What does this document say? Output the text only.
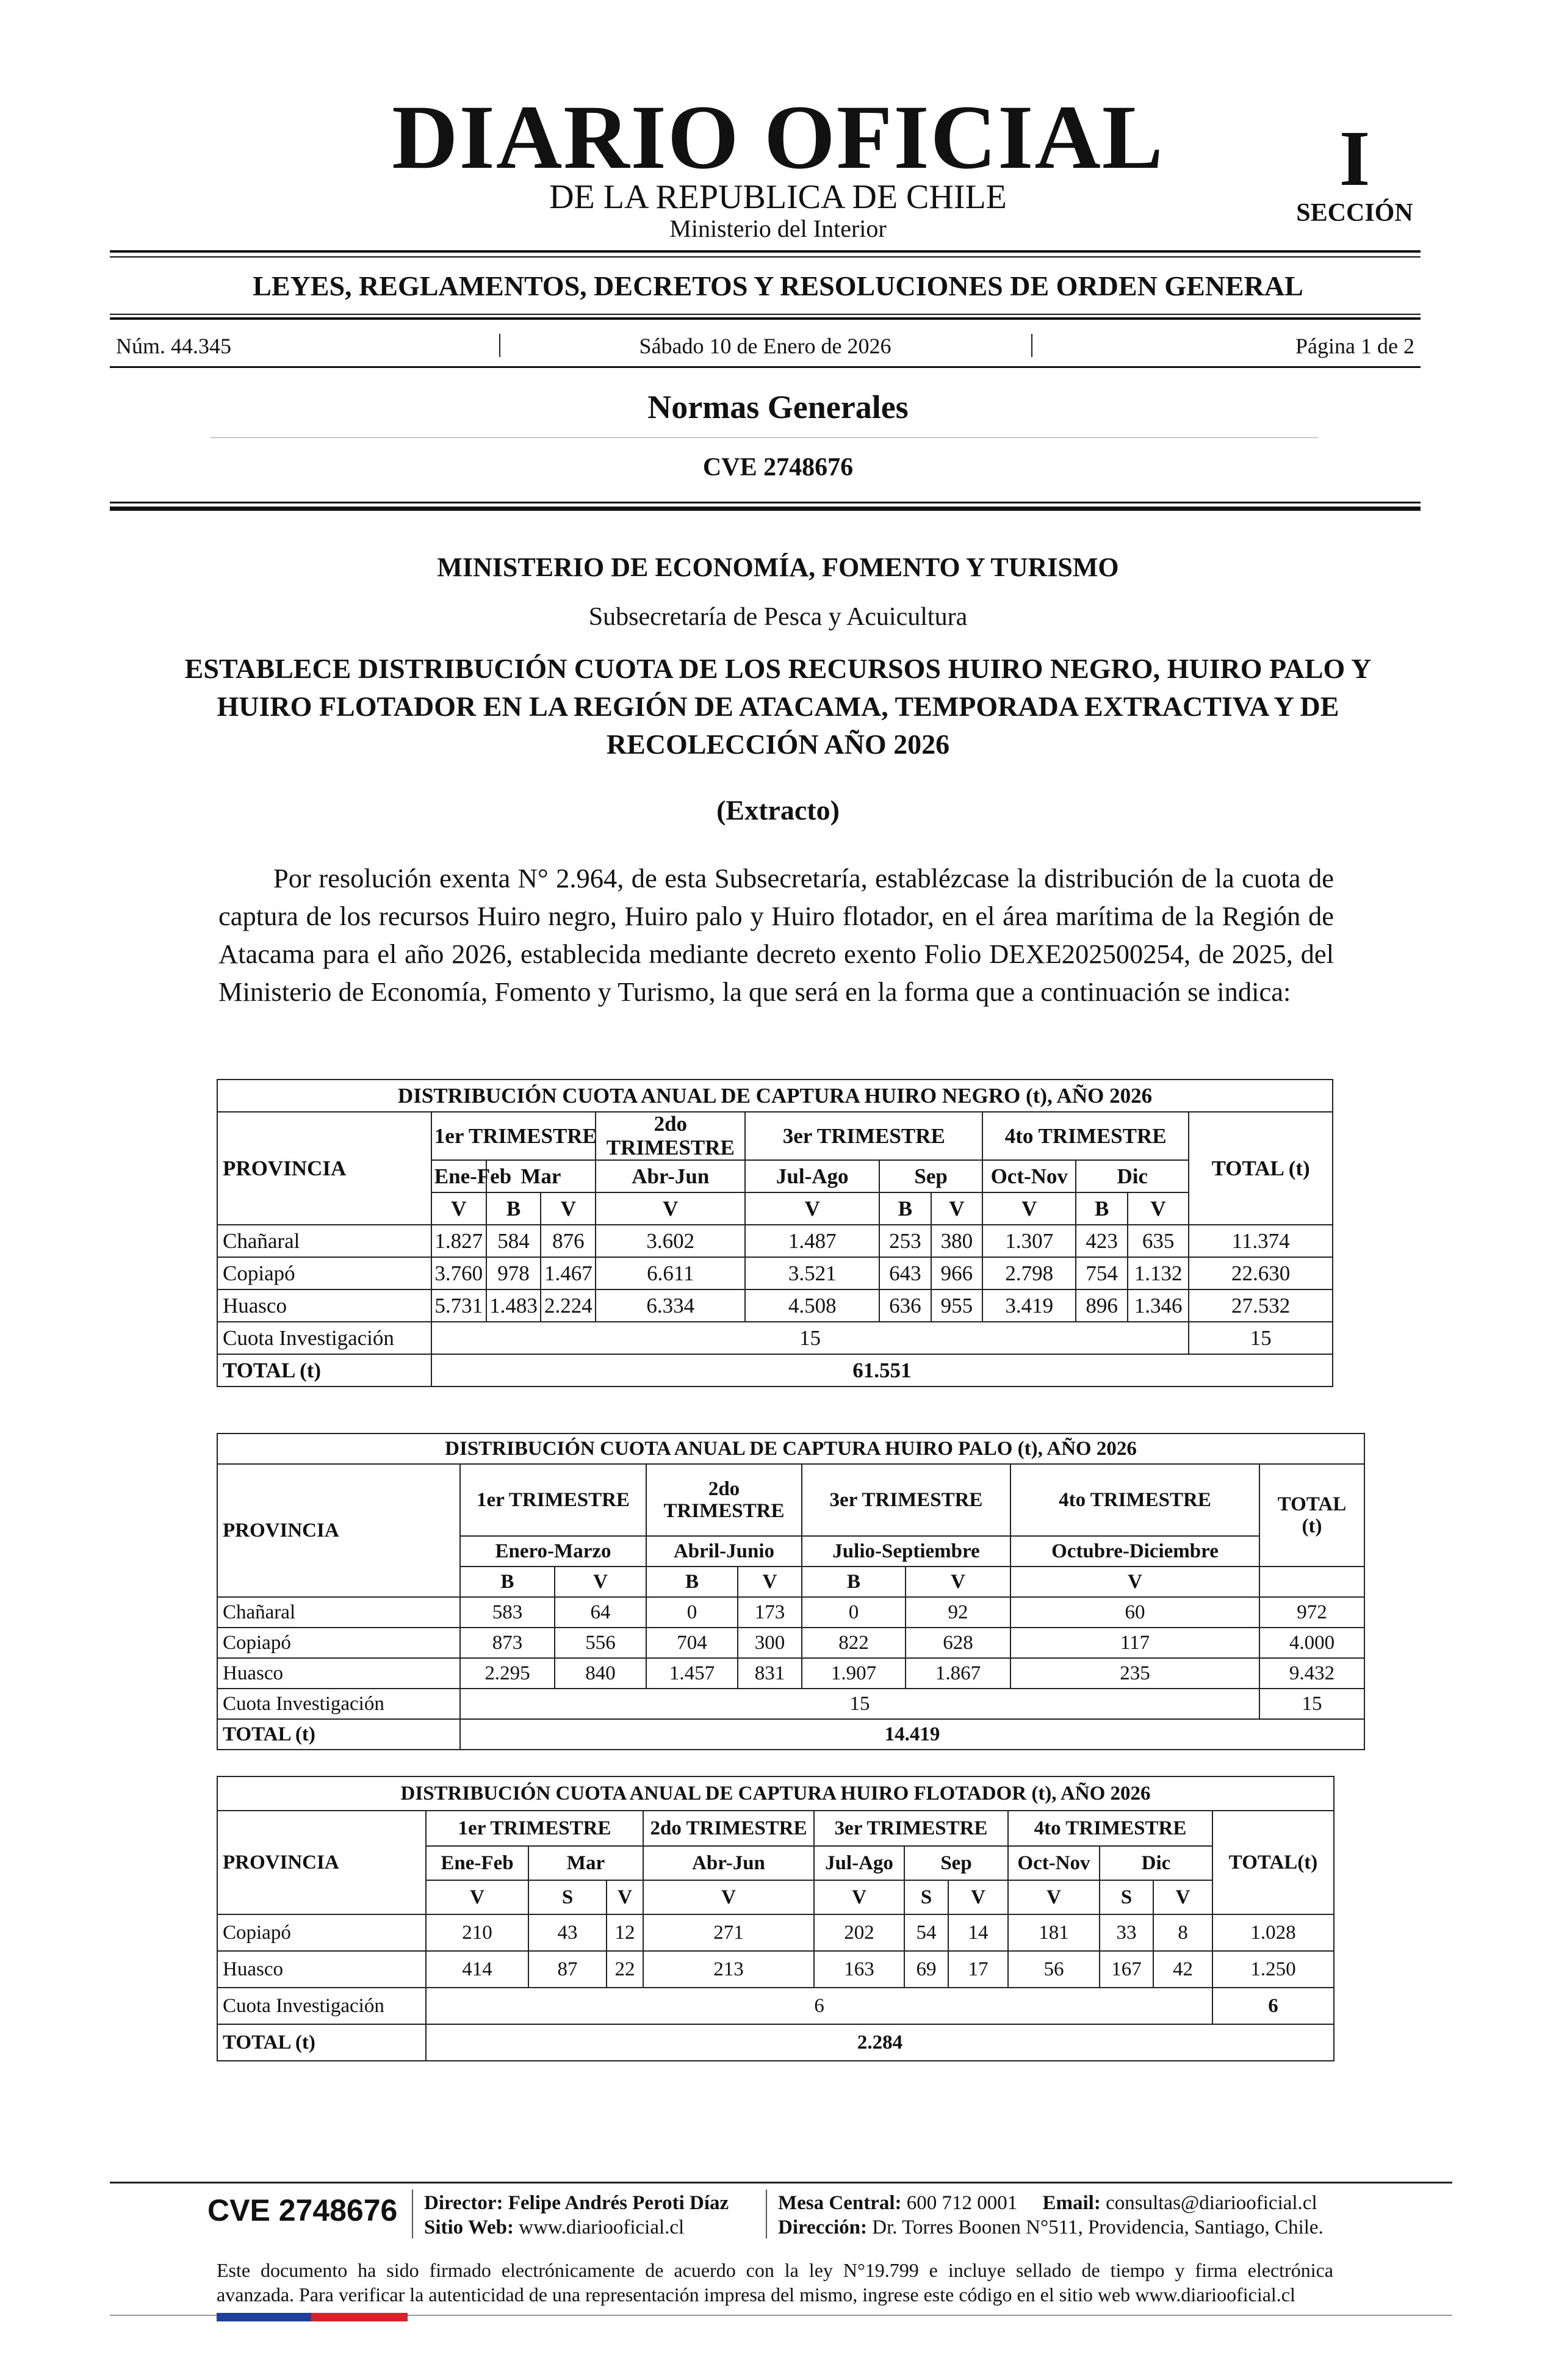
DIARIO OFICIAL
DE LA REPUBLICA DE CHILE
Ministerio del Interior
I
SECCIÓN
LEYES, REGLAMENTOS, DECRETOS Y RESOLUCIONES DE ORDEN GENERAL
Núm. 44.345	Sábado 10 de Enero de 2026	Página 1 de 2
Normas Generales
CVE 2748676
MINISTERIO DE ECONOMÍA, FOMENTO Y TURISMO
Subsecretaría de Pesca y Acuicultura
ESTABLECE DISTRIBUCIÓN CUOTA DE LOS RECURSOS HUIRO NEGRO, HUIRO PALO Y HUIRO FLOTADOR EN LA REGIÓN DE ATACAMA, TEMPORADA EXTRACTIVA Y DE RECOLECCIÓN AÑO 2026
(Extracto)
Por resolución exenta N° 2.964, de esta Subsecretaría, establézcase la distribución de la cuota de captura de los recursos Huiro negro, Huiro palo y Huiro flotador, en el área marítima de la Región de Atacama para el año 2026, establecida mediante decreto exento Folio DEXE202500254, de 2025, del Ministerio de Economía, Fomento y Turismo, la que será en la forma que a continuación se indica:
DISTRIBUCIÓN CUOTA ANUAL DE CAPTURA HUIRO NEGRO (t), AÑO 2026											
PROVINCIA	1er TRIMESTRE			2do TRIMESTRE	3er TRIMESTRE			4to TRIMESTRE			TOTAL (t)
	Ene-Feb	Mar		Abr-Jun	Jul-Ago	Sep		Oct-Nov	Dic		
	V	B	V	V	V	B	V	V	B	V	
Chañaral	1.827	584	876	3.602	1.487	253	380	1.307	423	635	11.374
Copiapó	3.760	978	1.467	6.611	3.521	643	966	2.798	754	1.132	22.630
Huasco	5.731	1.483	2.224	6.334	4.508	636	955	3.419	896	1.346	27.532
Cuota Investigación	15										15
TOTAL (t)	61.551										
DISTRIBUCIÓN CUOTA ANUAL DE CAPTURA HUIRO PALO (t), AÑO 2026								
PROVINCIA	1er TRIMESTRE		2do TRIMESTRE		3er TRIMESTRE		4to TRIMESTRE	TOTAL
(t)

	Enero-Marzo		Abril-Junio		Julio-Septiembre		Octubre-Diciembre	
	B	V	B	V	B	V	V	
Chañaral	583	64	0	173	0	92	60	972
Copiapó	873	556	704	300	822	628	117	4.000
Huasco	2.295	840	1.457	831	1.907	1.867	235	9.432
Cuota Investigación	15							15
TOTAL (t)	14.419							
DISTRIBUCIÓN CUOTA ANUAL DE CAPTURA HUIRO FLOTADOR (t), AÑO 2026											
PROVINCIA	1er TRIMESTRE			2do TRIMESTRE	3er TRIMESTRE			4to TRIMESTRE			TOTAL(t)
	Ene-Feb	Mar		Abr-Jun	Jul-Ago	Sep		Oct-Nov	Dic		
	V	S	V	V	V	S	V	V	S	V	
Copiapó	210	43	12	271	202	54	14	181	33	8	1.028
Huasco	414	87	22	213	163	69	17	56	167	42	1.250
Cuota Investigación	6										6
TOTAL (t)	2.284										
CVE 2748676 Director: Felipe Andrés Peroti Díaz
Sitio Web: www.diariooficial.cl
Mesa Central: 600 712 0001 Email: consultas@diariooficial.cl
Dirección: Dr. Torres Boonen N°511, Providencia, Santiago, Chile.
Este documento ha sido firmado electrónicamente de acuerdo con la ley N°19.799 e incluye sellado de tiempo y firma electrónica
avanzada. Para verificar la autenticidad de una representación impresa del mismo, ingrese este código en el sitio web www.diariooficial.cl
